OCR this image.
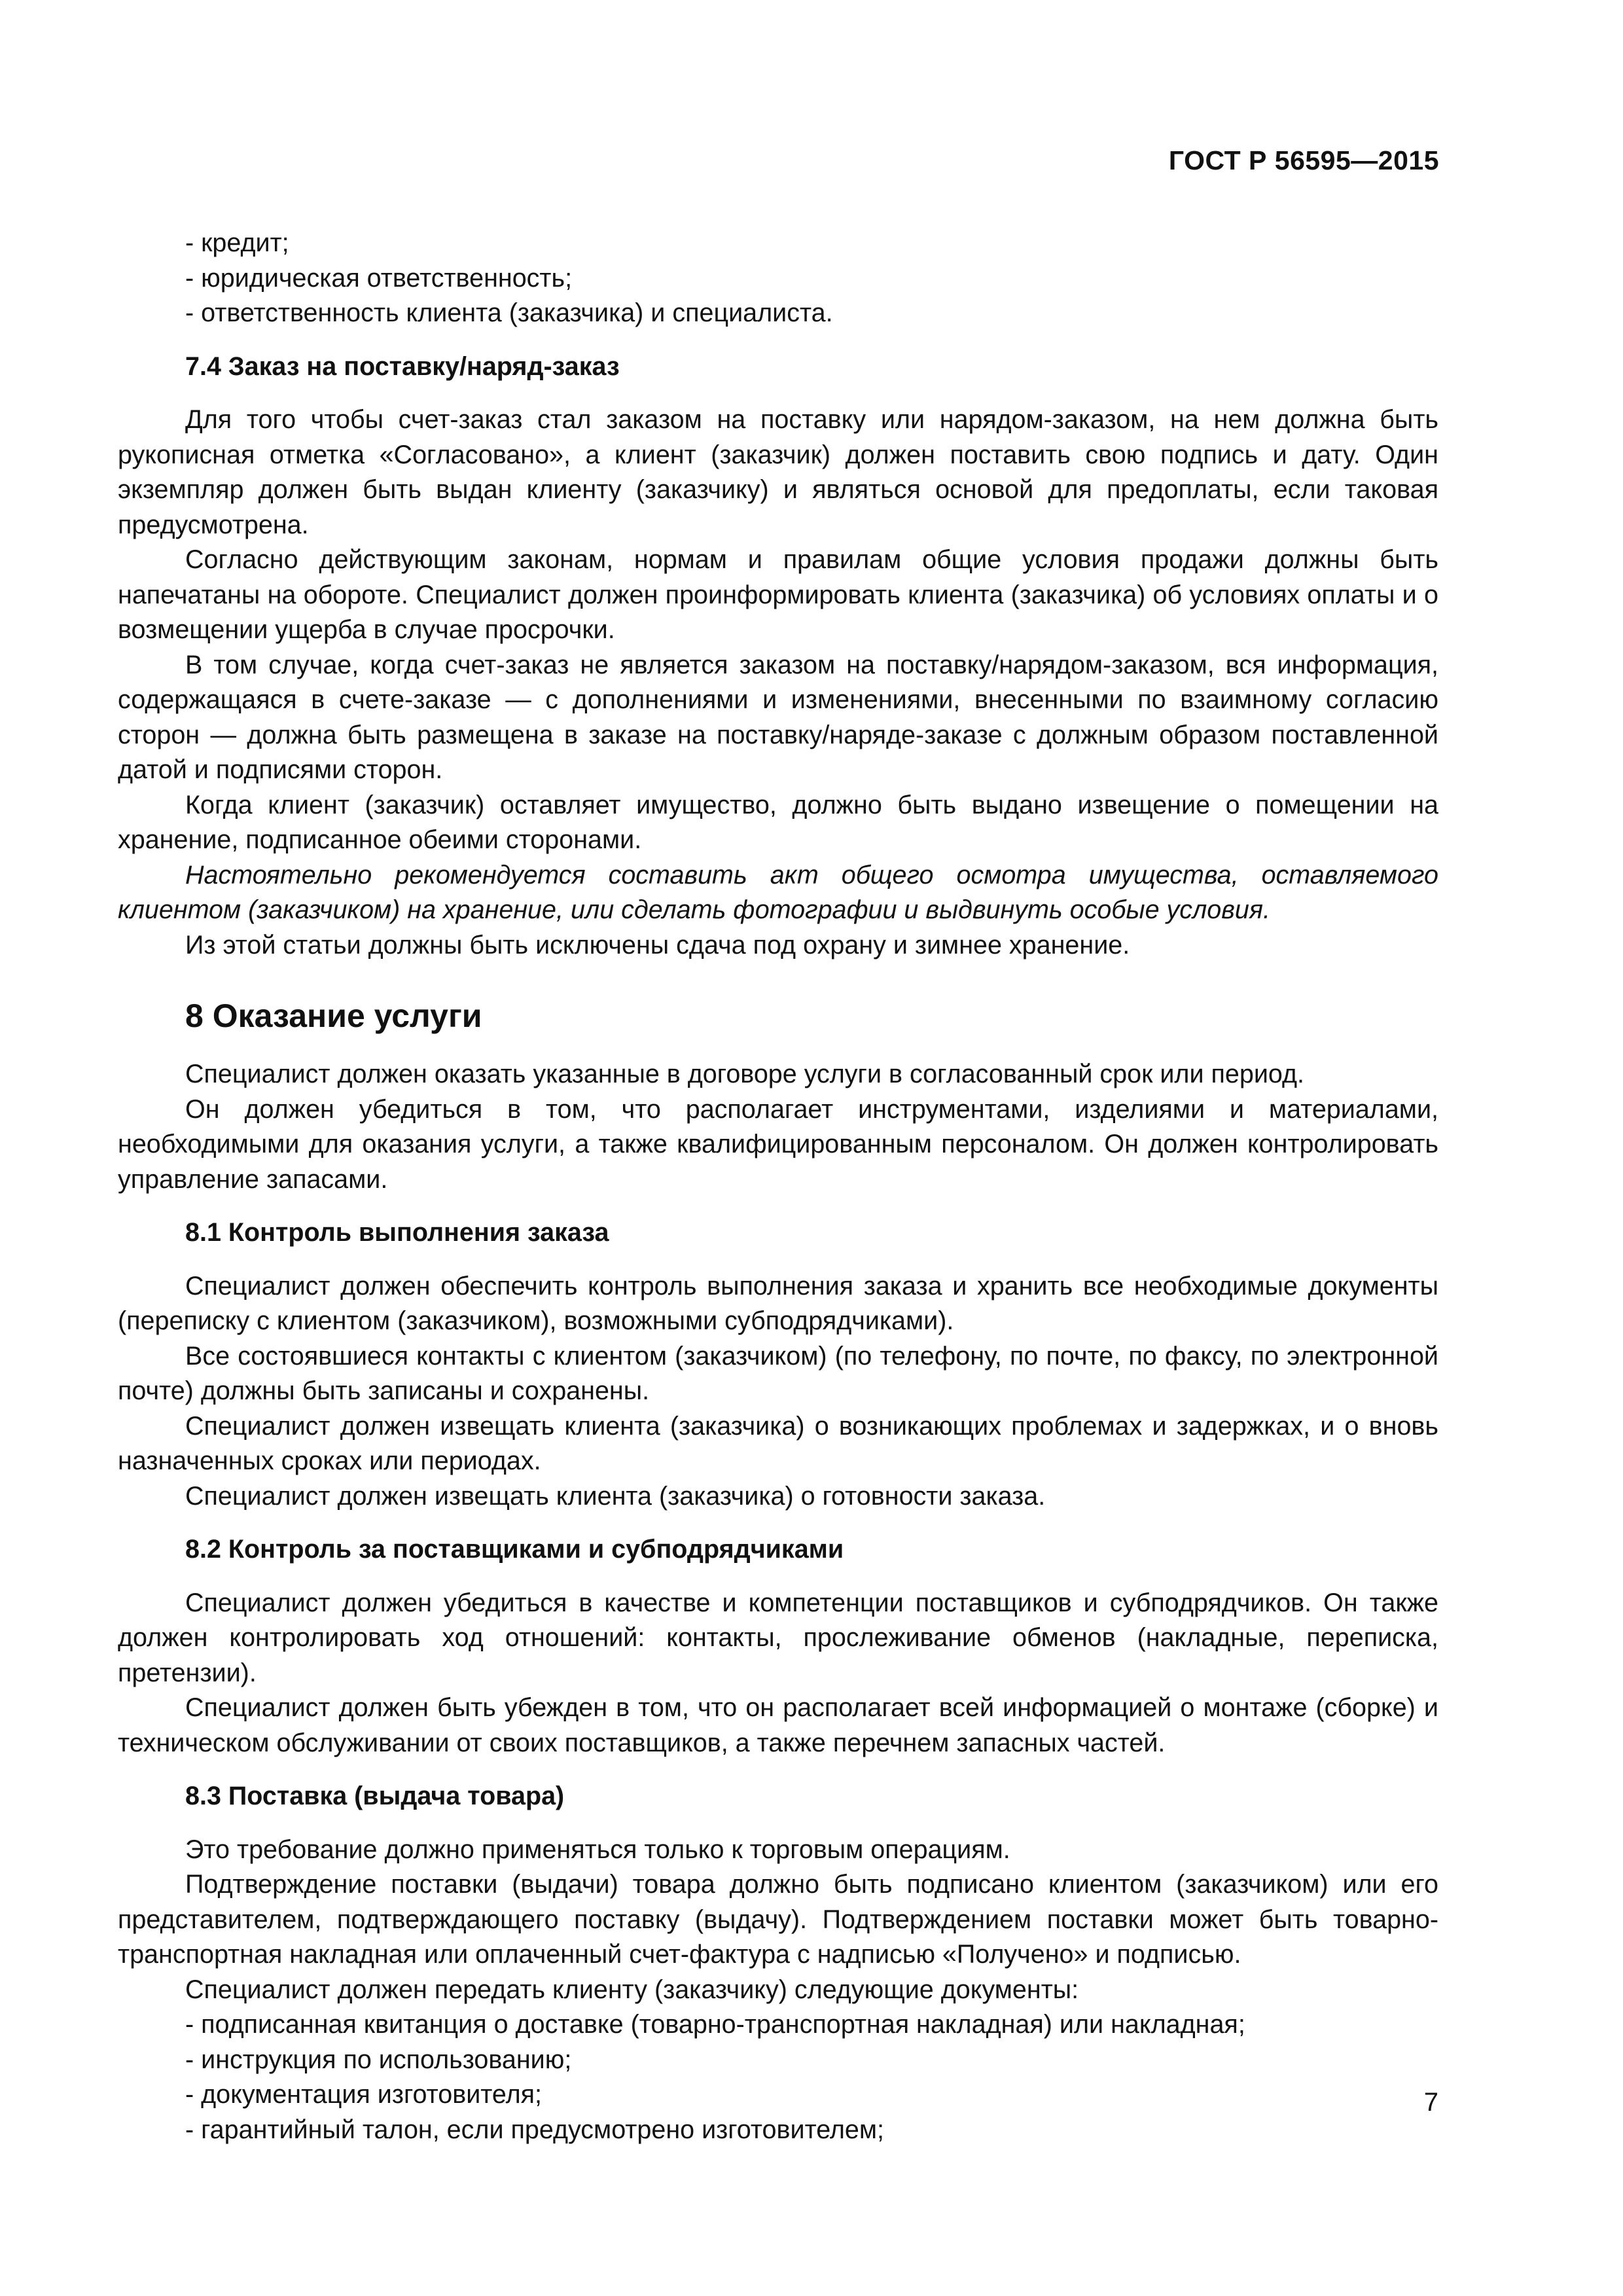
ГОСТ Р 56595—2015

- кредит;

- юридическая ответственность;

- ответственность клиента (заказчика) и специалиста.

7.4 Заказ на поставку/наряд-заказ

Для того чтобы счет-заказ стал заказом на поставку или нарядом-заказом, на нем должна быть рукописная отметка «Согласовано», а клиент (заказчик) должен поставить свою подпись и дату. Один экземпляр должен быть выдан клиенту (заказчику) и являться основой для предоплаты, если таковая предусмотрена.

Согласно действующим законам, нормам и правилам общие условия продажи должны быть напечатаны на обороте. Специалист должен проинформировать клиента (заказчика) об условиях оплаты и о возмещении ущерба в случае просрочки.

В том случае, когда счет-заказ не является заказом на поставку/нарядом-заказом, вся информация, содержащаяся в счете-заказе — с дополнениями и изменениями, внесенными по взаимному согласию сторон — должна быть размещена в заказе на поставку/наряде-заказе с должным образом поставленной датой и подписями сторон.

Когда клиент (заказчик) оставляет имущество, должно быть выдано извещение о помещении на хранение, подписанное обеими сторонами.

Настоятельно рекомендуется составить акт общего осмотра имущества, оставляемого клиентом (заказчиком) на хранение, или сделать фотографии и выдвинуть особые условия.

Из этой статьи должны быть исключены сдача под охрану и зимнее хранение.

8 Оказание услуги

Специалист должен оказать указанные в договоре услуги в согласованный срок или период.

Он должен убедиться в том, что располагает инструментами, изделиями и материалами, необходимыми для оказания услуги, а также квалифицированным персоналом. Он должен контролировать управление запасами.

8.1 Контроль выполнения заказа

Специалист должен обеспечить контроль выполнения заказа и хранить все необходимые документы (переписку с клиентом (заказчиком), возможными субподрядчиками).

Все состоявшиеся контакты с клиентом (заказчиком) (по телефону, по почте, по факсу, по электронной почте) должны быть записаны и сохранены.

Специалист должен извещать клиента (заказчика) о возникающих проблемах и задержках, и о вновь назначенных сроках или периодах.

Специалист должен извещать клиента (заказчика) о готовности заказа.

8.2 Контроль за поставщиками и субподрядчиками

Специалист должен убедиться в качестве и компетенции поставщиков и субподрядчиков. Он также должен контролировать ход отношений: контакты, прослеживание обменов (накладные, переписка, претензии).

Специалист должен быть убежден в том, что он располагает всей информацией о монтаже (сборке) и техническом обслуживании от своих поставщиков, а также перечнем запасных частей.

8.3 Поставка (выдача товара)

Это требование должно применяться только к торговым операциям.

Подтверждение поставки (выдачи) товара должно быть подписано клиентом (заказчиком) или его представителем, подтверждающего поставку (выдачу). Подтверждением поставки может быть товарно-транспортная накладная или оплаченный счет-фактура с надписью «Получено» и подписью.

Специалист должен передать клиенту (заказчику) следующие документы:

- подписанная квитанция о доставке (товарно-транспортная накладная) или накладная;

- инструкция по использованию;

- документация изготовителя;

- гарантийный талон, если предусмотрено изготовителем;

7
